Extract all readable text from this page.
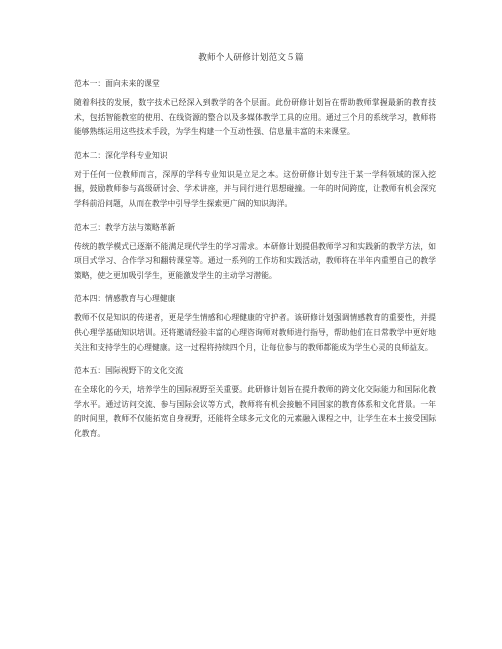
教师个人研修计划范文５篇
范本一：面向未来的课堂

随着科技的发展，数字技术已经深入到教学的各个层面。此份研修计划旨在帮助教师掌握最新的教育技术，包括智能教室的使用、在线资源的整合以及多媒体教学工具的应用。通过三个月的系统学习，教师将能够熟练运用这些技术手段，为学生构建一个互动性强、信息量丰富的未来课堂。

范本二：深化学科专业知识

对于任何一位教师而言，深厚的学科专业知识是立足之本。这份研修计划专注于某一学科领域的深入挖掘，鼓励教师参与高级研讨会、学术讲座，并与同行进行思想碰撞。一年的时间跨度，让教师有机会深究学科前沿问题，从而在教学中引导学生探索更广阔的知识海洋。

范本三：教学方法与策略革新

传统的教学模式已逐渐不能满足现代学生的学习需求。本研修计划提倡教师学习和实践新的教学方法，如项目式学习、合作学习和翻转课堂等。通过一系列的工作坊和实践活动，教师将在半年内重塑自己的教学策略，使之更加吸引学生，更能激发学生的主动学习潜能。

范本四：情感教育与心理健康

教师不仅是知识的传递者，更是学生情感和心理健康的守护者。该研修计划强调情感教育的重要性，并提供心理学基础知识培训。还将邀请经验丰富的心理咨询师对教师进行指导，帮助他们在日常教学中更好地关注和支持学生的心理健康。这一过程将持续四个月，让每位参与的教师都能成为学生心灵的良师益友。

范本五：国际视野下的文化交流

在全球化的今天，培养学生的国际视野至关重要。此研修计划旨在提升教师的跨文化交际能力和国际化教学水平。通过访问交流、参与国际会议等方式，教师将有机会接触不同国家的教育体系和文化背景。一年的时间里，教师不仅能拓宽自身视野，还能将全球多元文化的元素融入课程之中，让学生在本土接受国际化教育。
